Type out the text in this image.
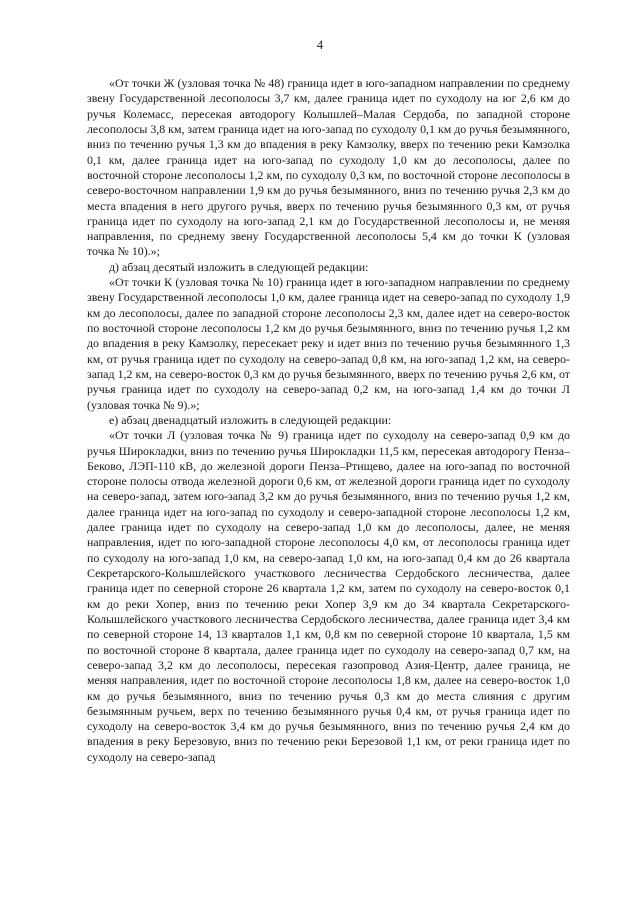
4

«От точки Ж (узловая точка № 48) граница идет в юго-западном направлении по среднему звену Государственной лесополосы 3,7 км, далее граница идет по суходолу на юг 2,6 км до ручья Колемасс, пересекая автодорогу Колышлей–Малая Сердоба, по западной стороне лесополосы 3,8 км, затем граница идет на юго-запад по суходолу 0,1 км до ручья безымянного, вниз по течению ручья 1,3 км до впадения в реку Камзолку, вверх по течению реки Камзолка 0,1 км, далее граница идет на юго-запад по суходолу 1,0 км до лесополосы, далее по восточной стороне лесополосы 1,2 км, по суходолу 0,3 км, по восточной стороне лесополосы в северо-восточном направлении 1,9 км до ручья безымянного, вниз по течению ручья 2,3 км до места впадения в него другого ручья, вверх по течению ручья безымянного 0,3 км, от ручья граница идет по суходолу на юго-запад 2,1 км до Государственной лесополосы и, не меняя направления, по среднему звену Государственной лесополосы 5,4 км до точки К (узловая точка № 10).»;

д) абзац десятый изложить в следующей редакции:

«От точки К (узловая точка № 10) граница идет в юго-западном направлении по среднему звену Государственной лесополосы 1,0 км, далее граница идет на северо-запад по суходолу 1,9 км до лесополосы, далее по западной стороне лесополосы 2,3 км, далее идет на северо-восток по восточной стороне лесополосы 1,2 км до ручья безымянного, вниз по течению ручья 1,2 км до впадения в реку Камзолку, пересекает реку и идет вниз по течению ручья безымянного 1,3 км, от ручья граница идет по суходолу на северо-запад 0,8 км, на юго-запад 1,2 км, на северо-запад 1,2 км, на северо-восток 0,3 км до ручья безымянного, вверх по течению ручья 2,6 км, от ручья граница идет по суходолу на северо-запад 0,2 км, на юго-запад 1,4 км до точки Л (узловая точка № 9).»;

е) абзац двенадцатый изложить в следующей редакции:

«От точки Л (узловая точка № 9) граница идет по суходолу на северо-запад 0,9 км до ручья Широкладки, вниз по течению ручья Широкладки 11,5 км, пересекая автодорогу Пенза–Беково, ЛЭП-110 кВ, до железной дороги Пенза–Ртищево, далее на юго-запад по восточной стороне полосы отвода железной дороги 0,6 км, от железной дороги граница идет по суходолу на северо-запад, затем юго-запад 3,2 км до ручья безымянного, вниз по течению ручья 1,2 км, далее граница идет на юго-запад по суходолу и северо-западной стороне лесополосы 1,2 км, далее граница идет по суходолу на северо-запад 1,0 км до лесополосы, далее, не меняя направления, идет по юго-западной стороне лесополосы 4,0 км, от лесополосы граница идет по суходолу на юго-запад 1,0 км, на северо-запад 1,0 км, на юго-запад 0,4 км до 26 квартала Секретарского-Колышлейского участкового лесничества Сердобского лесничества, далее граница идет по северной стороне 26 квартала 1,2 км, затем по суходолу на северо-восток 0,1 км до реки Хопер, вниз по течению реки Хопер 3,9 км до 34 квартала Секретарского-Колышлейского участкового лесничества Сердобского лесничества, далее граница идет 3,4 км по северной стороне 14, 13 кварталов 1,1 км, 0,8 км по северной стороне 10 квартала, 1,5 км по восточной стороне 8 квартала, далее граница идет по суходолу на северо-запад 0,7 км, на северо-запад 3,2 км до лесополосы, пересекая газопровод Азия-Центр, далее граница, не меняя направления, идет по восточной стороне лесополосы 1,8 км, далее на северо-восток 1,0 км до ручья безымянного, вниз по течению ручья 0,3 км до места слияния с другим безымянным ручьем, верх по течению безымянного ручья 0,4 км, от ручья граница идет по суходолу на северо-восток 3,4 км до ручья безымянного, вниз по течению ручья 2,4 км до впадения в реку Березовую, вниз по течению реки Березовой 1,1 км, от реки граница идет по суходолу на северо-запад
